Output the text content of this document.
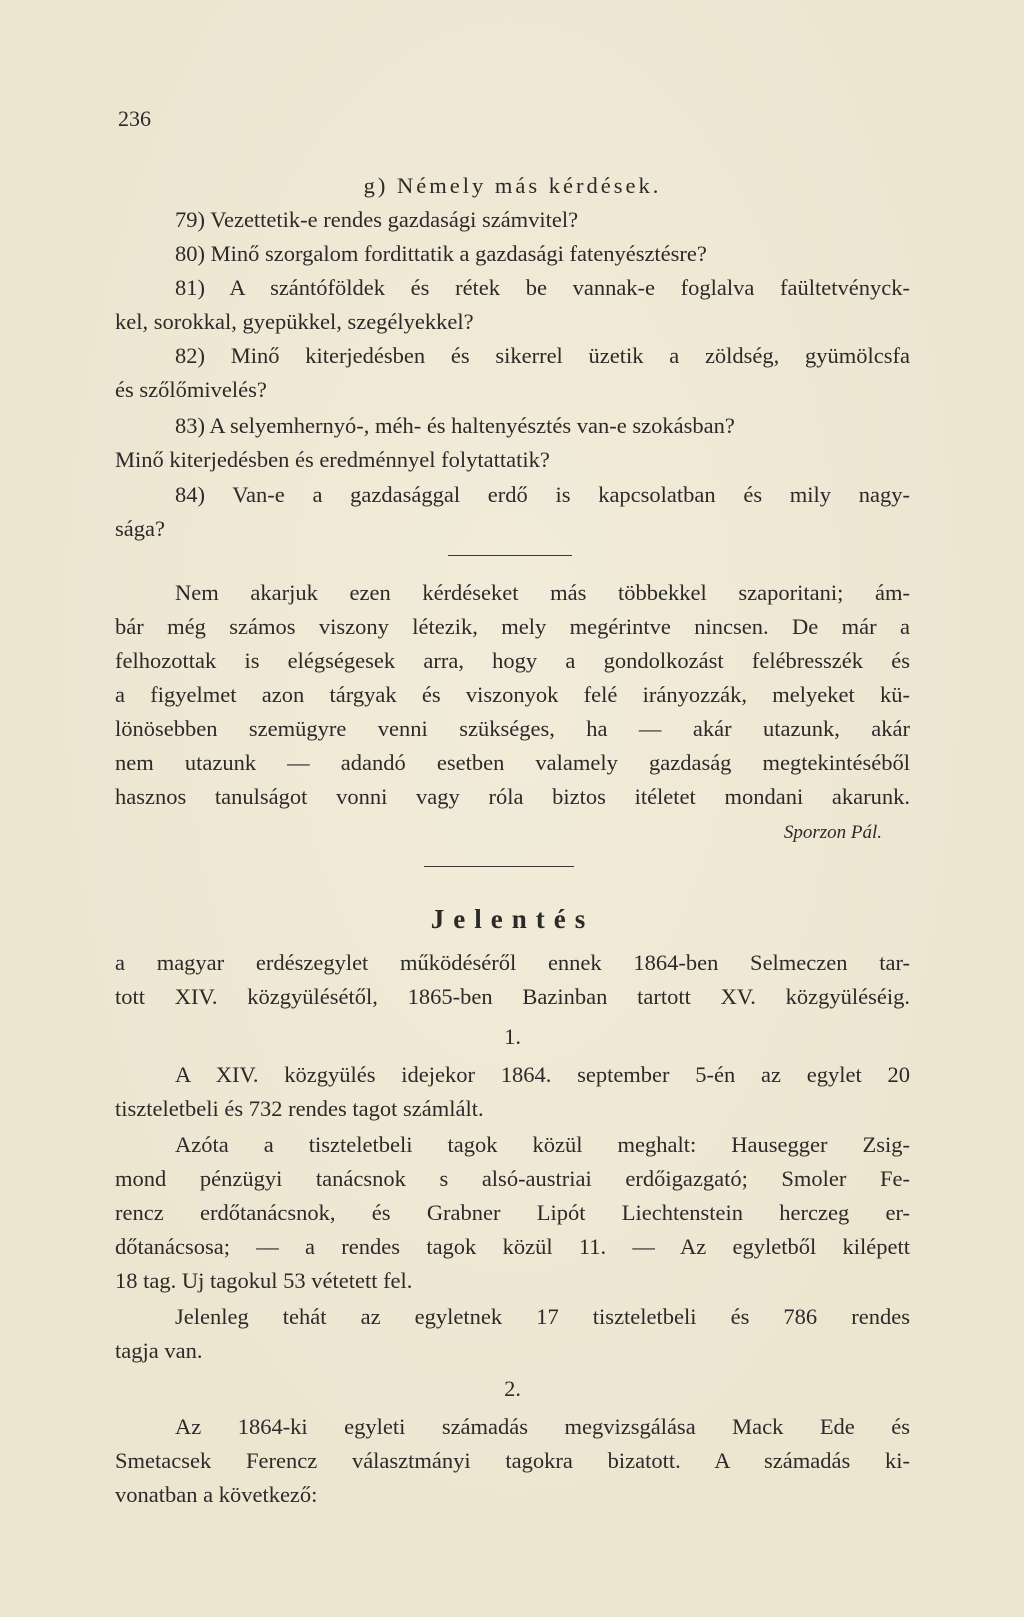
236
g) Némely más kérdések.
79) Vezettetik-e rendes gazdasági számvitel?
80) Minő szorgalom fordittatik a gazdasági fatenyésztésre?
81) A szántóföldek és rétek be vannak-e foglalva faültetvényck-
kel, sorokkal, gyepükkel, szegélyekkel?
82) Minő kiterjedésben és sikerrel üzetik a zöldség, gyümölcsfa
és szőlőmivelés?
83) A selyemhernyó-, méh- és haltenyésztés van-e szokásban?
Minő kiterjedésben és eredménnyel folytattatik?
84) Van-e a gazdasággal erdő is kapcsolatban és mily nagy-
sága?
Nem akarjuk ezen kérdéseket más többekkel szaporitani; ám-
bár még számos viszony létezik, mely megérintve nincsen. De már a
felhozottak is elégségesek arra, hogy a gondolkozást felébresszék és
a figyelmet azon tárgyak és viszonyok felé irányozzák, melyeket kü-
lönösebben szemügyre venni szükséges, ha — akár utazunk, akár
nem utazunk — adandó esetben valamely gazdaság megtekintéséből
hasznos tanulságot vonni vagy róla biztos itéletet mondani akarunk.
Sporzon Pál.
Jelentés
a magyar erdészegylet működéséről ennek 1864-ben Selmeczen tar-
tott XIV. közgyülésétől, 1865-ben Bazinban tartott XV. közgyüléséig.
1.
A XIV. közgyülés idejekor 1864. september 5-én az egylet 20
tiszteletbeli és 732 rendes tagot számlált.
Azóta a tiszteletbeli tagok közül meghalt: Hausegger Zsig-
mond pénzügyi tanácsnok s alsó-austriai erdőigazgató; Smoler Fe-
rencz erdőtanácsnok, és Grabner Lipót Liechtenstein herczeg er-
dőtanácsosa; — a rendes tagok közül 11. — Az egyletből kilépett
18 tag. Uj tagokul 53 vétetett fel.
Jelenleg tehát az egyletnek 17 tiszteletbeli és 786 rendes
tagja van.
2.
Az 1864-ki egyleti számadás megvizsgálása Mack Ede és
Smetacsek Ferencz választmányi tagokra bizatott. A számadás ki-
vonatban a következő:
